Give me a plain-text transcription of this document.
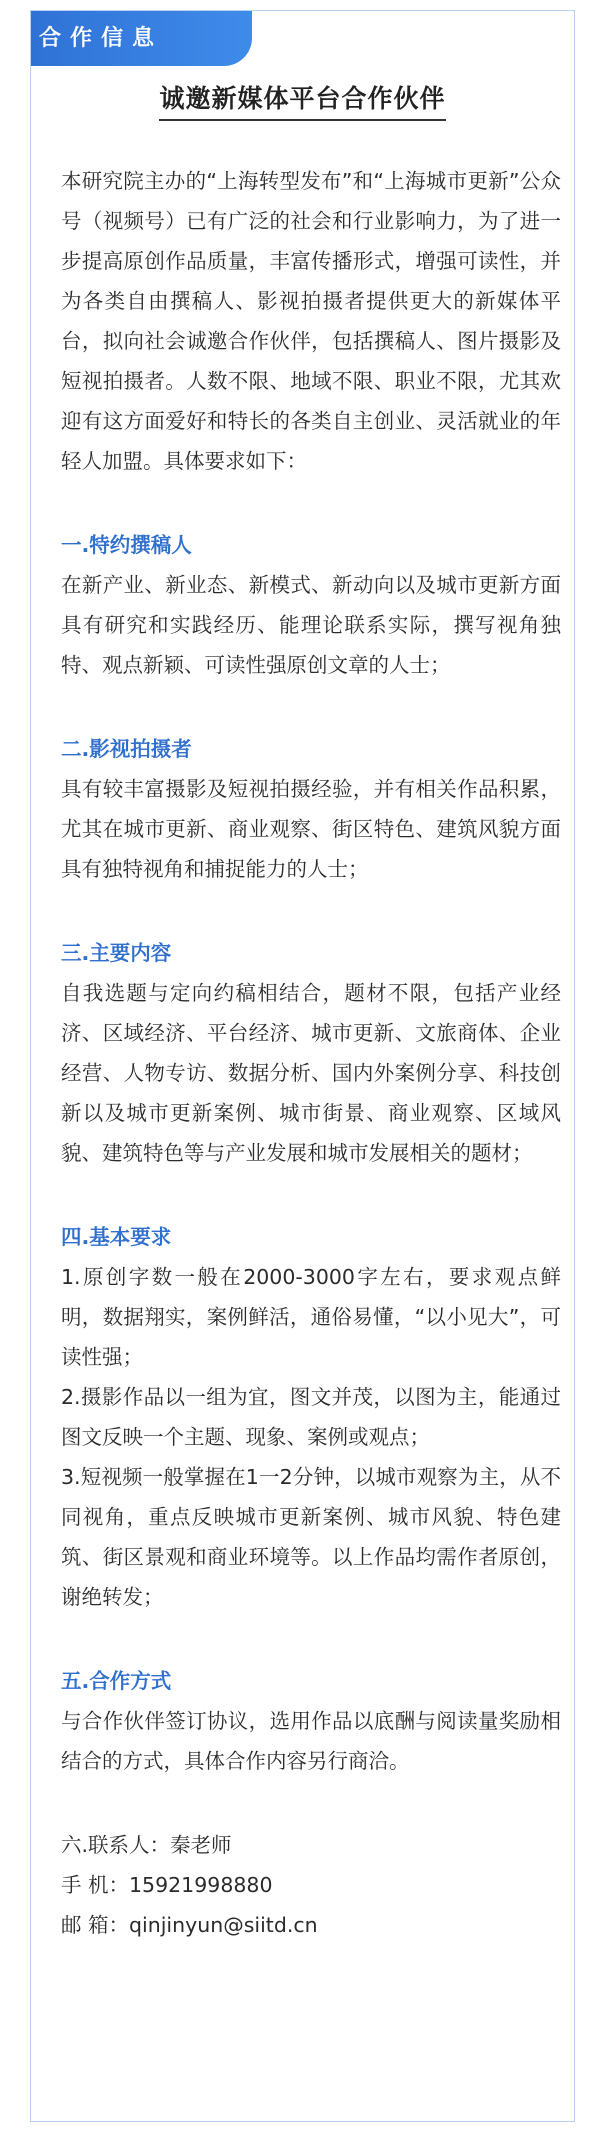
合作信息
诚邀新媒体平台合作伙伴

本研究院主办的“上海转型发布”和“上海城市更新”公众号（视频号）已有广泛的社会和行业影响力，为了进一步提高原创作品质量，丰富传播形式，增强可读性，并为各类自由撰稿人、影视拍摄者提供更大的新媒体平台，拟向社会诚邀合作伙伴，包括撰稿人、图片摄影及短视拍摄者。人数不限、地域不限、职业不限，尤其欢迎有这方面爱好和特长的各类自主创业、灵活就业的年轻人加盟。具体要求如下：

一.特约撰稿人

在新产业、新业态、新模式、新动向以及城市更新方面具有研究和实践经历、能理论联系实际，撰写视角独特、观点新颖、可读性强原创文章的人士；

二.影视拍摄者

具有较丰富摄影及短视拍摄经验，并有相关作品积累，尤其在城市更新、商业观察、街区特色、建筑风貌方面具有独特视角和捕捉能力的人士；

三.主要内容

自我选题与定向约稿相结合，题材不限，包括产业经济、区域经济、平台经济、城市更新、文旅商体、企业经营、人物专访、数据分析、国内外案例分享、科技创新以及城市更新案例、城市街景、商业观察、区域风貌、建筑特色等与产业发展和城市发展相关的题材；

四.基本要求

1.原创字数一般在2000-3000字左右，要求观点鲜明，数据翔实，案例鲜活，通俗易懂，“以小见大”，可读性强；

2.摄影作品以一组为宜，图文并茂，以图为主，能通过图文反映一个主题、现象、案例或观点；

3.短视频一般掌握在1一2分钟，以城市观察为主，从不同视角，重点反映城市更新案例、城市风貌、特色建筑、街区景观和商业环境等。以上作品均需作者原创，谢绝转发；

五.合作方式

与合作伙伴签订协议，选用作品以底酬与阅读量奖励相结合的方式，具体合作内容另行商洽。

六.联系人：秦老师

手 机：15921998880

邮 箱：qinjinyun@siitd.cn
